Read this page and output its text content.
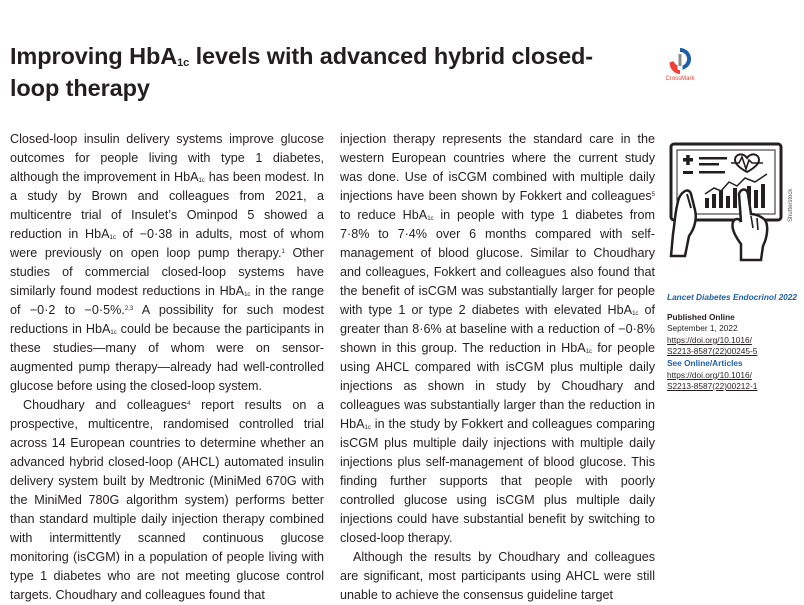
Improving HbA$_{1c}$ levels with advanced hybrid closed-loop therapy	CrossMark

Closed-loop insulin delivery systems improve glucose outcomes for people living with type 1 diabetes, although the improvement in HbA$_{1c}$ has been modest. In a study by Brown and colleagues from 2021, a multicentre trial of Insulet’s Ominpod 5 showed a reduction in HbA$_{1c}$ of −0·38 in adults, most of whom were previously on open loop pump therapy.$^1$ Other studies of commercial closed-loop systems have similarly found modest reductions in HbA$_{1c}$ in the range of −0·2 to −0·5%.$^{2,3}$ A possibility for such modest reductions in HbA$_{1c}$ could be because the participants in these studies—many of whom were on sensor-augmented pump therapy—already had well-controlled glucose before using the closed-loop system.

Choudhary and colleagues$^4$ report results on a prospective, multicentre, randomised controlled trial across 14 European countries to determine whether an advanced hybrid closed-loop (AHCL) automated insulin delivery system built by Medtronic (MiniMed 670G with the MiniMed 780G algorithm system) performs better than standard multiple daily injection therapy combined with intermittently scanned continuous glucose monitoring (isCGM) in a population of people living with type 1 diabetes who are not meeting glucose control targets. Choudhary and colleagues found that

injection therapy represents the standard care in the western European countries where the current study was done. Use of isCGM combined with multiple daily injections have been shown by Fokkert and colleagues$^5$ to reduce HbA$_{1c}$ in people with type 1 diabetes from 7·8% to 7·4% over 6 months compared with self-management of blood glucose. Similar to Choudhary and colleagues, Fokkert and colleagues also found that the benefit of isCGM was substantially larger for people with type 1 or type 2 diabetes with elevated HbA$_{1c}$ of greater than 8·6% at baseline with a reduction of −0·8% shown in this group. The reduction in HbA$_{1c}$ for people using AHCL compared with isCGM plus multiple daily injections as shown in study by Choudhary and colleagues was substantially larger than the reduction in HbA$_{1c}$ in the study by Fokkert and colleagues comparing isCGM plus multiple daily injections with multiple daily injections plus self-management of blood glucose. This finding further supports that people with poorly controlled glucose using isCGM plus multiple daily injections could have substantial benefit by switching to closed-loop therapy.

Although the results by Choudhary and colleagues are significant, most participants using AHCL were still unable to achieve the consensus guideline target

Shutterstock
Lancet Diabetes Endocrinol 2022
Published Online
September 1, 2022
https://doi.org/10.1016/
S2213-8587(22)00245-5
See Online/Articles
https://doi.org/10.1016/
S2213-8587(22)00212-1
